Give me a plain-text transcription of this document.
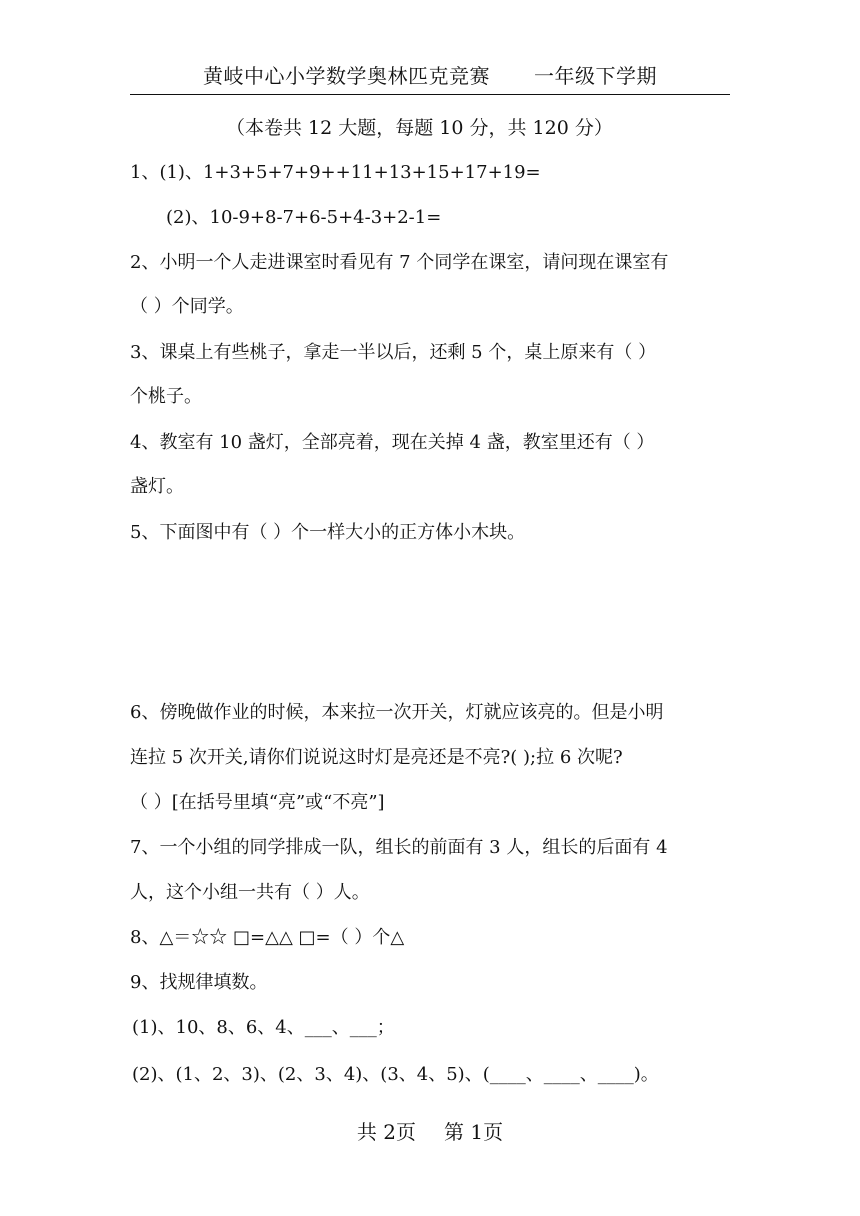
黄岐中心小学数学奥林匹克竞赛 一年级下学期
（本卷共 12 大题，每题 10 分，共 120 分）
1、(1)、1+3+5+7+9++11+13+15+17+19=
(2)、10-9+8-7+6-5+4-3+2-1=
2、小明一个人走进课室时看见有 7 个同学在课室，请问现在课室有
（ ）个同学。
3、课桌上有些桃子，拿走一半以后，还剩 5 个，桌上原来有（ ）
个桃子。
4、教室有 10 盏灯，全部亮着，现在关掉 4 盏，教室里还有（ ）
盏灯。
5、下面图中有（ ）个一样大小的正方体小木块。
6、傍晚做作业的时候，本来拉一次开关，灯就应该亮的。但是小明
连拉 5 次开关,请你们说说这时灯是亮还是不亮?( );拉 6 次呢?
（ ）[在括号里填“亮”或“不亮”]
7、一个小组的同学排成一队，组长的前面有 3 人，组长的后面有 4
人，这个小组一共有（ ）人。
8、△＝☆☆ □=△△ □=（ ）个△
9、找规律填数。
(1)、10、8、6、4、___、___；
(2)、(1、2、3)、(2、3、4)、(3、4、5)、(____、____、____)。
共 2页 第 1页
